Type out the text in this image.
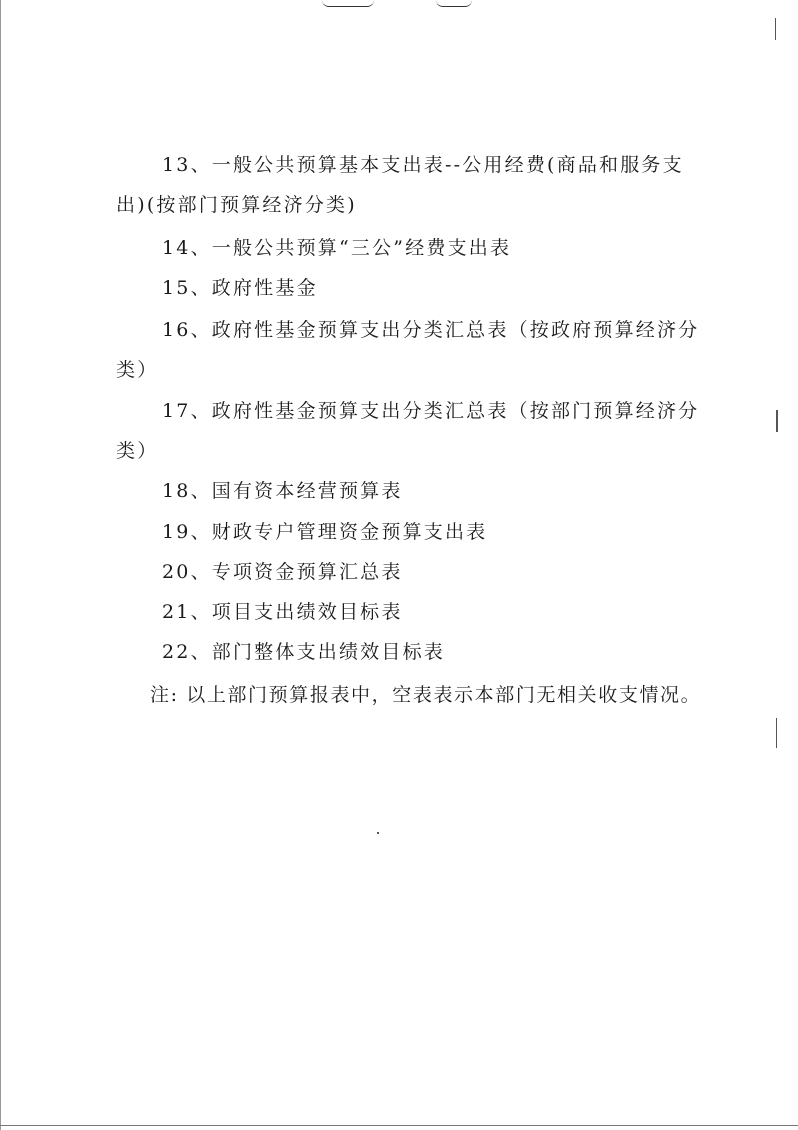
13、一般公共预算基本支出表--公用经费(商品和服务支
出)(按部门预算经济分类)
14、一般公共预算“三公”经费支出表
15、政府性基金
16、政府性基金预算支出分类汇总表（按政府预算经济分
类）
17、政府性基金预算支出分类汇总表（按部门预算经济分
类）
18、国有资本经营预算表
19、财政专户管理资金预算支出表
20、专项资金预算汇总表
21、项目支出绩效目标表
22、部门整体支出绩效目标表
注: 以上部门预算报表中，空表表示本部门无相关收支情况。
